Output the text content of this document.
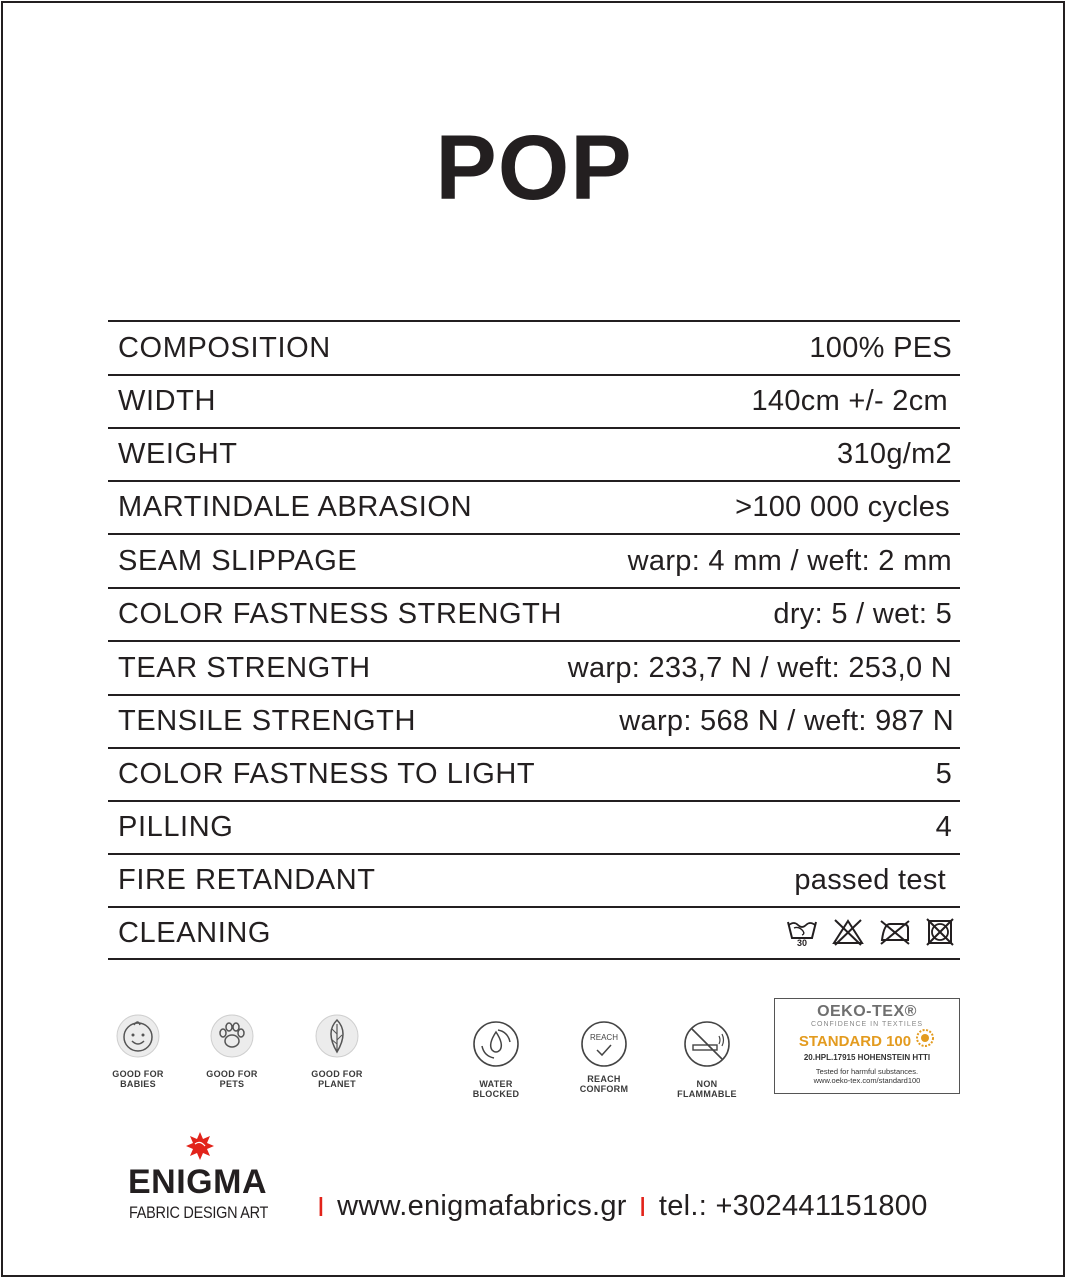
POP
COMPOSITION	100% PES
WIDTH	140cm +/- 2cm
WEIGHT	310g/m2
MARTINDALE ABRASION	>100 000 cycles
SEAM SLIPPAGE	warp: 4 mm / weft: 2 mm
COLOR FASTNESS STRENGTH	dry: 5 / wet: 5
TEAR STRENGTH	warp: 233,7 N / weft: 253,0 N
TENSILE STRENGTH	warp: 568 N / weft: 987 N
COLOR FASTNESS TO LIGHT	5
PILLING	4
FIRE RETANDANT	passed test
CLEANING	30
GOOD FOR
BABIES
GOOD FOR
PETS
GOOD FOR
PLANET	WATER BLOCKED
REACH
REACH CONFORM	NON FLAMMABLE
OEKO-TEX®
CONFIDENCE IN TEXTILES
STANDARD 100
20.HPL.17915 HOHENSTEIN HTTI
Tested for harmful substances.
www.oeko-tex.com/standard100
ENIGMA
FABRIC DESIGN ART I www.enigmafabrics.gr I tel.: +302441151800
